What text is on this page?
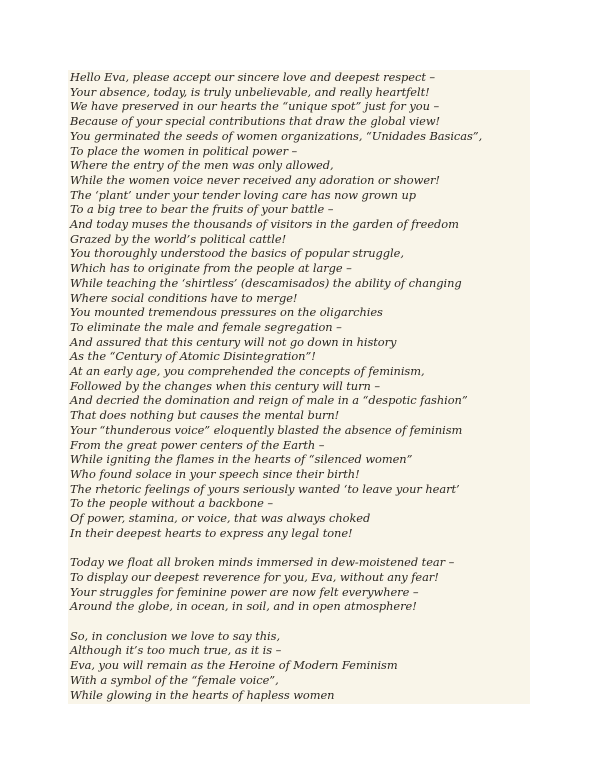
Hello Eva, please accept our sincere love and deepest respect –
Your absence, today, is truly unbelievable, and really heartfelt!
We have preserved in our hearts the “unique spot” just for you –
Because of your special contributions that draw the global view!
You germinated the seeds of women organizations, “Unidades Basicas”,
To place the women in political power –
Where the entry of the men was only allowed,
While the women voice never received any adoration or shower!
The ‘plant’ under your tender loving care has now grown up
To a big tree to bear the fruits of your battle –
And today muses the thousands of visitors in the garden of freedom
Grazed by the world’s political cattle!
You thoroughly understood the basics of popular struggle,
Which has to originate from the people at large –
While teaching the ‘shirtless’ (descamisados) the ability of changing
Where social conditions have to merge!
You mounted tremendous pressures on the oligarchies
To eliminate the male and female segregation –
And assured that this century will not go down in history
As the “Century of Atomic Disintegration”!
At an early age, you comprehended the concepts of feminism,
Followed by the changes when this century will turn –
And decried the domination and reign of male in a “despotic fashion”
That does nothing but causes the mental burn!
Your “thunderous voice” eloquently blasted the absence of feminism
From the great power centers of the Earth –
While igniting the flames in the hearts of “silenced women”
Who found solace in your speech since their birth!
The rhetoric feelings of yours seriously wanted ‘to leave your heart’
To the people without a backbone –
Of power, stamina, or voice, that was always choked
In their deepest hearts to express any legal tone!
Today we float all broken minds immersed in dew-moistened tear –
To display our deepest reverence for you, Eva, without any fear!
Your struggles for feminine power are now felt everywhere –
Around the globe, in ocean, in soil, and in open atmosphere!
So, in conclusion we love to say this,
Although it’s too much true, as it is –
Eva, you will remain as the Heroine of Modern Feminism
With a symbol of the “female voice”,
While glowing in the hearts of hapless women
